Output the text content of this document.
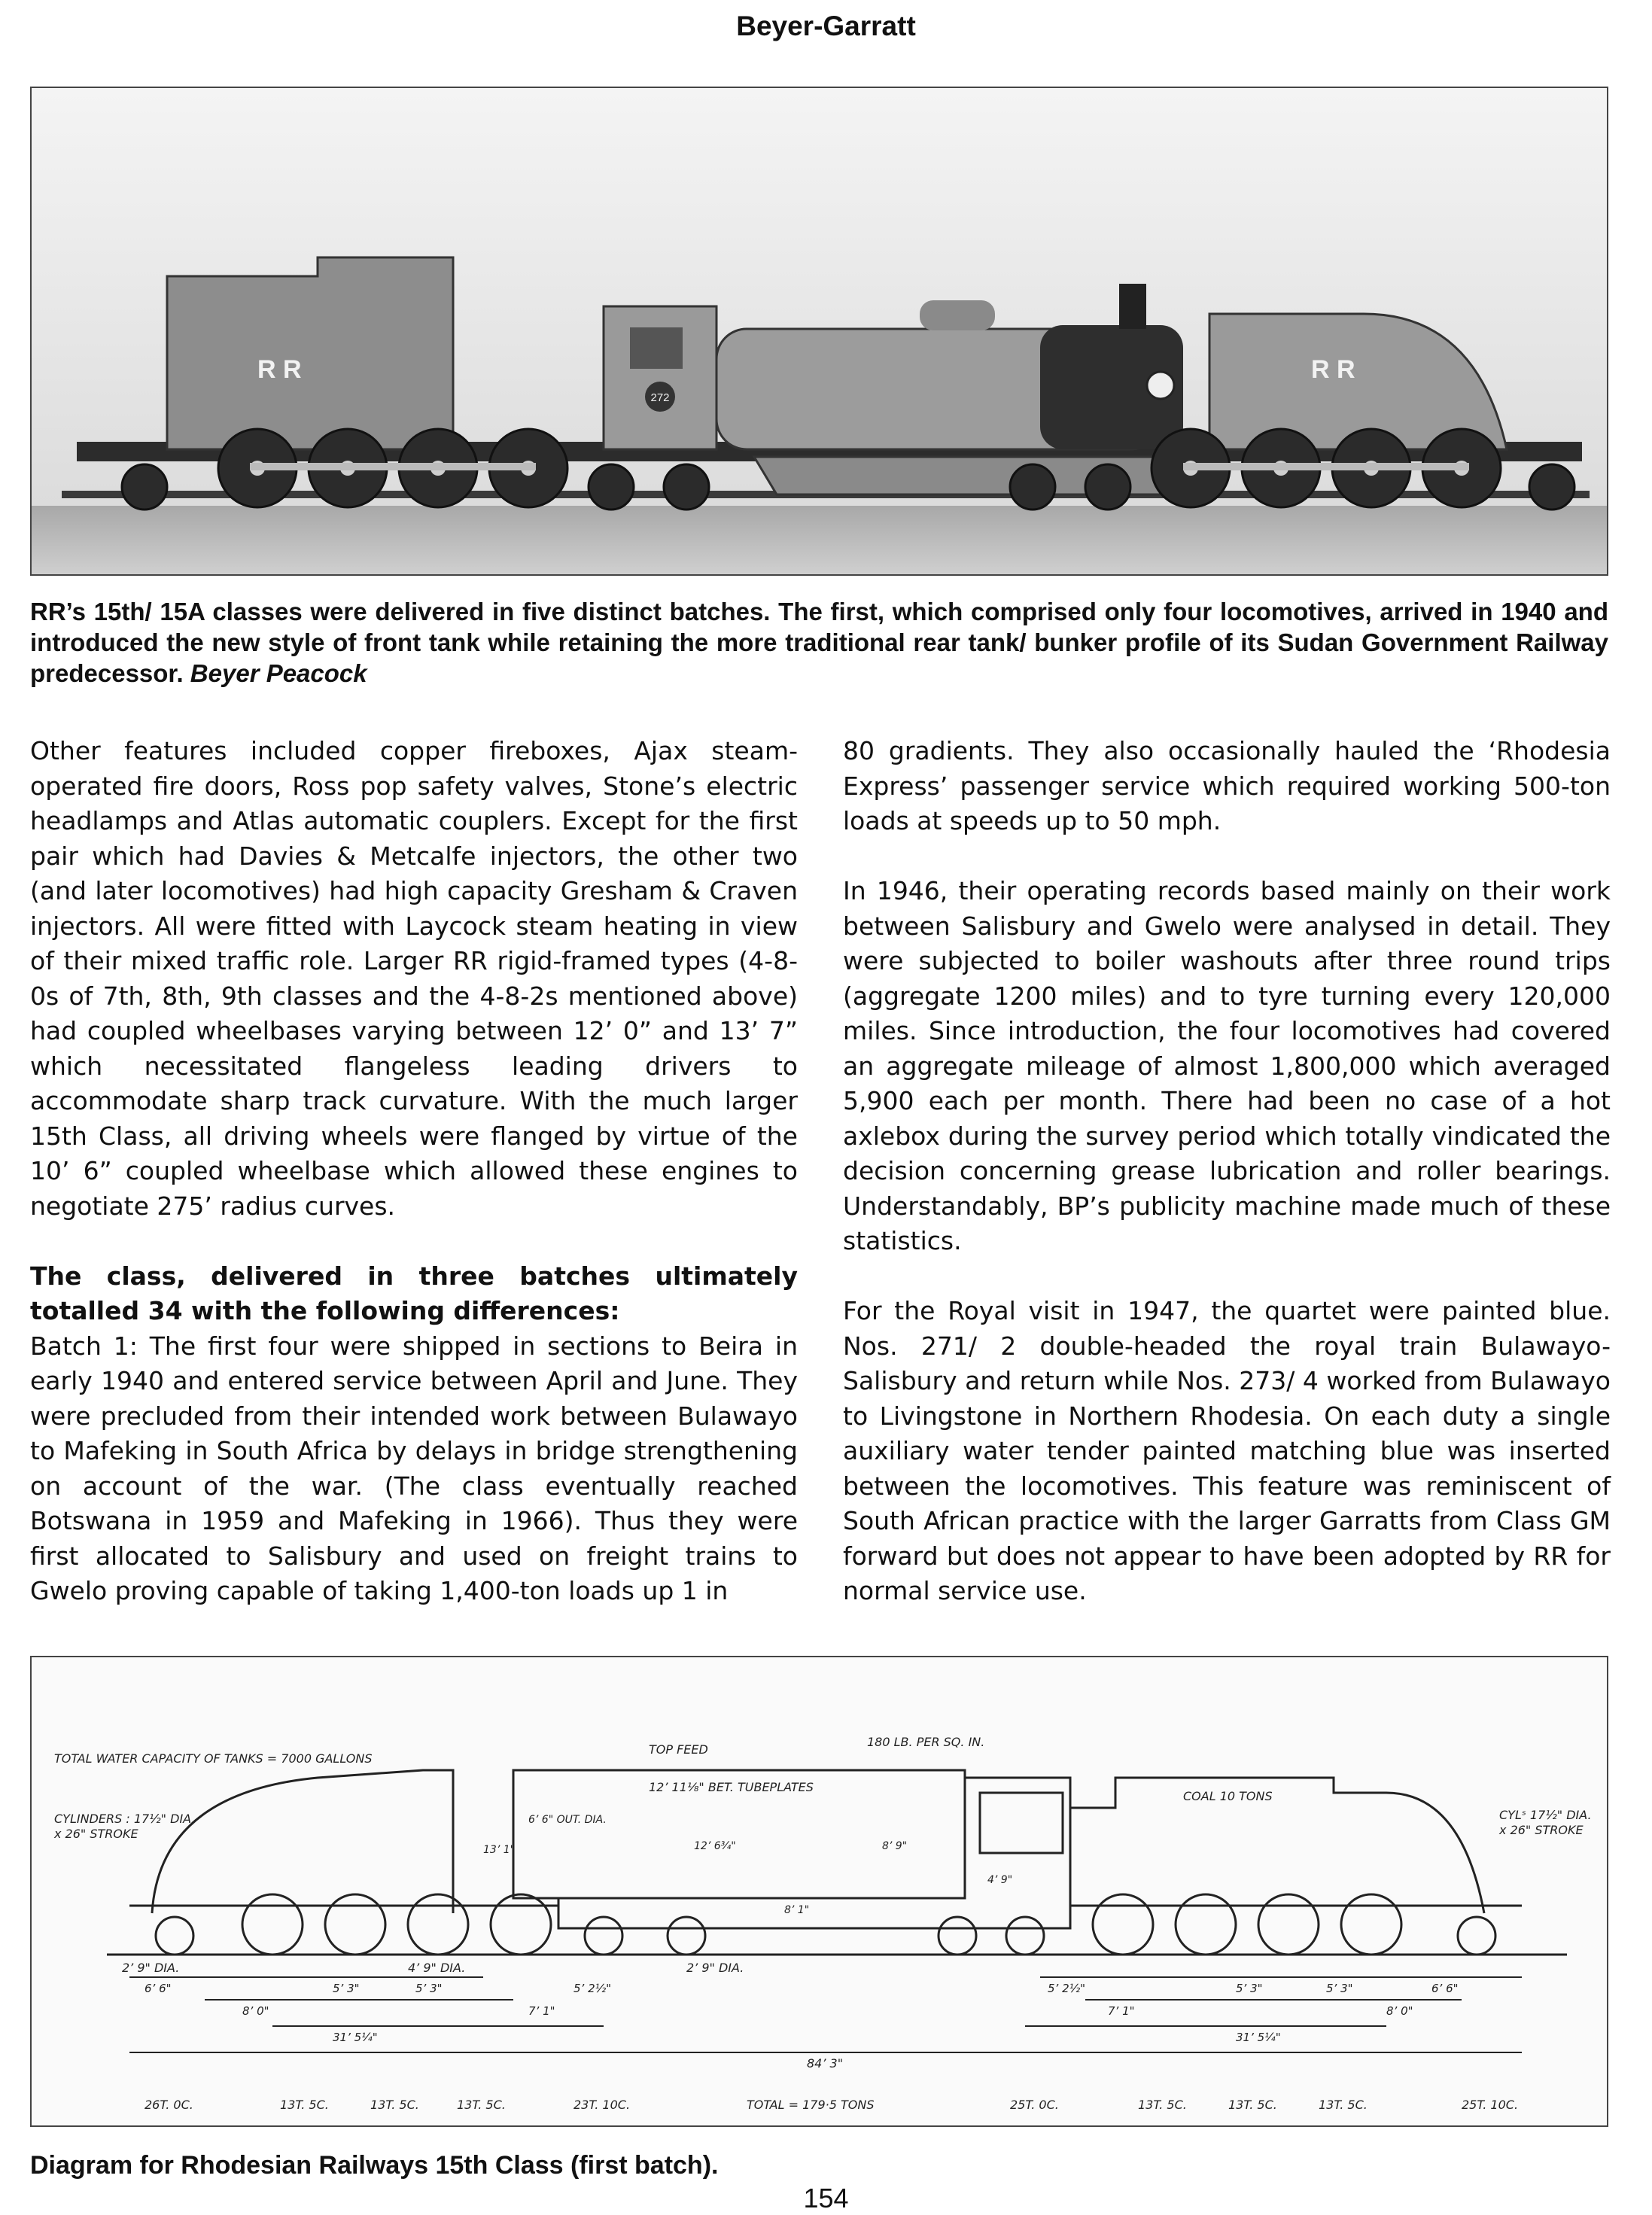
Beyer-Garratt
R R
272
R R
RR’s 15th/ 15A classes were delivered in five distinct batches. The first, which comprised only four locomotives, arrived in 1940 and introduced the new style of front tank while retaining the more traditional rear tank/ bunker profile of its Sudan Government Railway predecessor. Beyer Peacock

Other features included copper fireboxes, Ajax steam-operated fire doors, Ross pop safety valves, Stone’s electric headlamps and Atlas automatic couplers. Except for the first pair which had Davies & Metcalfe injectors, the other two (and later locomotives) had high capacity Gresham & Craven injectors. All were fitted with Laycock steam heating in view of their mixed traffic role. Larger RR rigid-framed types (4-8-0s of 7th, 8th, 9th classes and the 4-8-2s mentioned above) had coupled wheelbases varying between 12’ 0” and 13’ 7” which necessitated flangeless leading drivers to accommodate sharp track curvature. With the much larger 15th Class, all driving wheels were flanged by virtue of the 10’ 6” coupled wheelbase which allowed these engines to negotiate 275’ radius curves.

The class, delivered in three batches ultimately totalled 34 with the following differences:

Batch 1: The first four were shipped in sections to Beira in early 1940 and entered service between April and June. They were precluded from their intended work between Bulawayo to Mafeking in South Africa by delays in bridge strengthening on account of the war. (The class eventually reached Botswana in 1959 and Mafeking in 1966). Thus they were first allocated to Salisbury and used on freight trains to Gwelo proving capable of taking 1,400-ton loads up 1 in

80 gradients. They also occasionally hauled the ‘Rhodesia Express’ passenger service which required working 500-ton loads at speeds up to 50 mph.

In 1946, their operating records based mainly on their work between Salisbury and Gwelo were analysed in detail. They were subjected to boiler washouts after three round trips (aggregate 1200 miles) and to tyre turning every 120,000 miles. Since introduction, the four locomotives had covered an aggregate mileage of almost 1,800,000 which averaged 5,900 each per month. There had been no case of a hot axlebox during the survey period which totally vindicated the decision concerning grease lubrication and roller bearings. Understandably, BP’s publicity machine made much of these statistics.

For the Royal visit in 1947, the quartet were painted blue. Nos. 271/ 2 double-headed the royal train Bulawayo-Salisbury and return while Nos. 273/ 4 worked from Bulawayo to Livingstone in Northern Rhodesia. On each duty a single auxiliary water tender painted matching blue was inserted between the locomotives. This feature was reminiscent of South African practice with the larger Garratts from Class GM forward but does not appear to have been adopted by RR for normal service use.

TOTAL WATER CAPACITY OF TANKS = 7000 GALLONS
CYLINDERS : 17½" DIA.
x 26" STROKE
TOP FEED
180 LB. PER SQ. IN.
12’ 11⅛" BET. TUBEPLATES
COAL 10 TONS
CYLˢ 17½" DIA.
x 26" STROKE
6’ 6" OUT. DIA.
13’ 1"	12’ 6¾"	8’ 9"
4’ 9"
8’ 1"
2’ 9" DIA.	4’ 9" DIA.	2’ 9" DIA.
6’ 6"	5’ 3"	5’ 3"
8’ 0"
5’ 2½"
7’ 1"
31’ 5¼"
5’ 2½"
7’ 1"
5’ 3"	5’ 3"	6’ 6"
8’ 0"
31’ 5¼"
84’ 3"
26T. 0C.	13T. 5C.	13T. 5C.	13T. 5C.	23T. 10C.	TOTAL = 179·5 TONS	25T. 0C.	13T. 5C.	13T. 5C.	13T. 5C.	25T. 10C.
Diagram for Rhodesian Railways 15th Class (first batch).
154
